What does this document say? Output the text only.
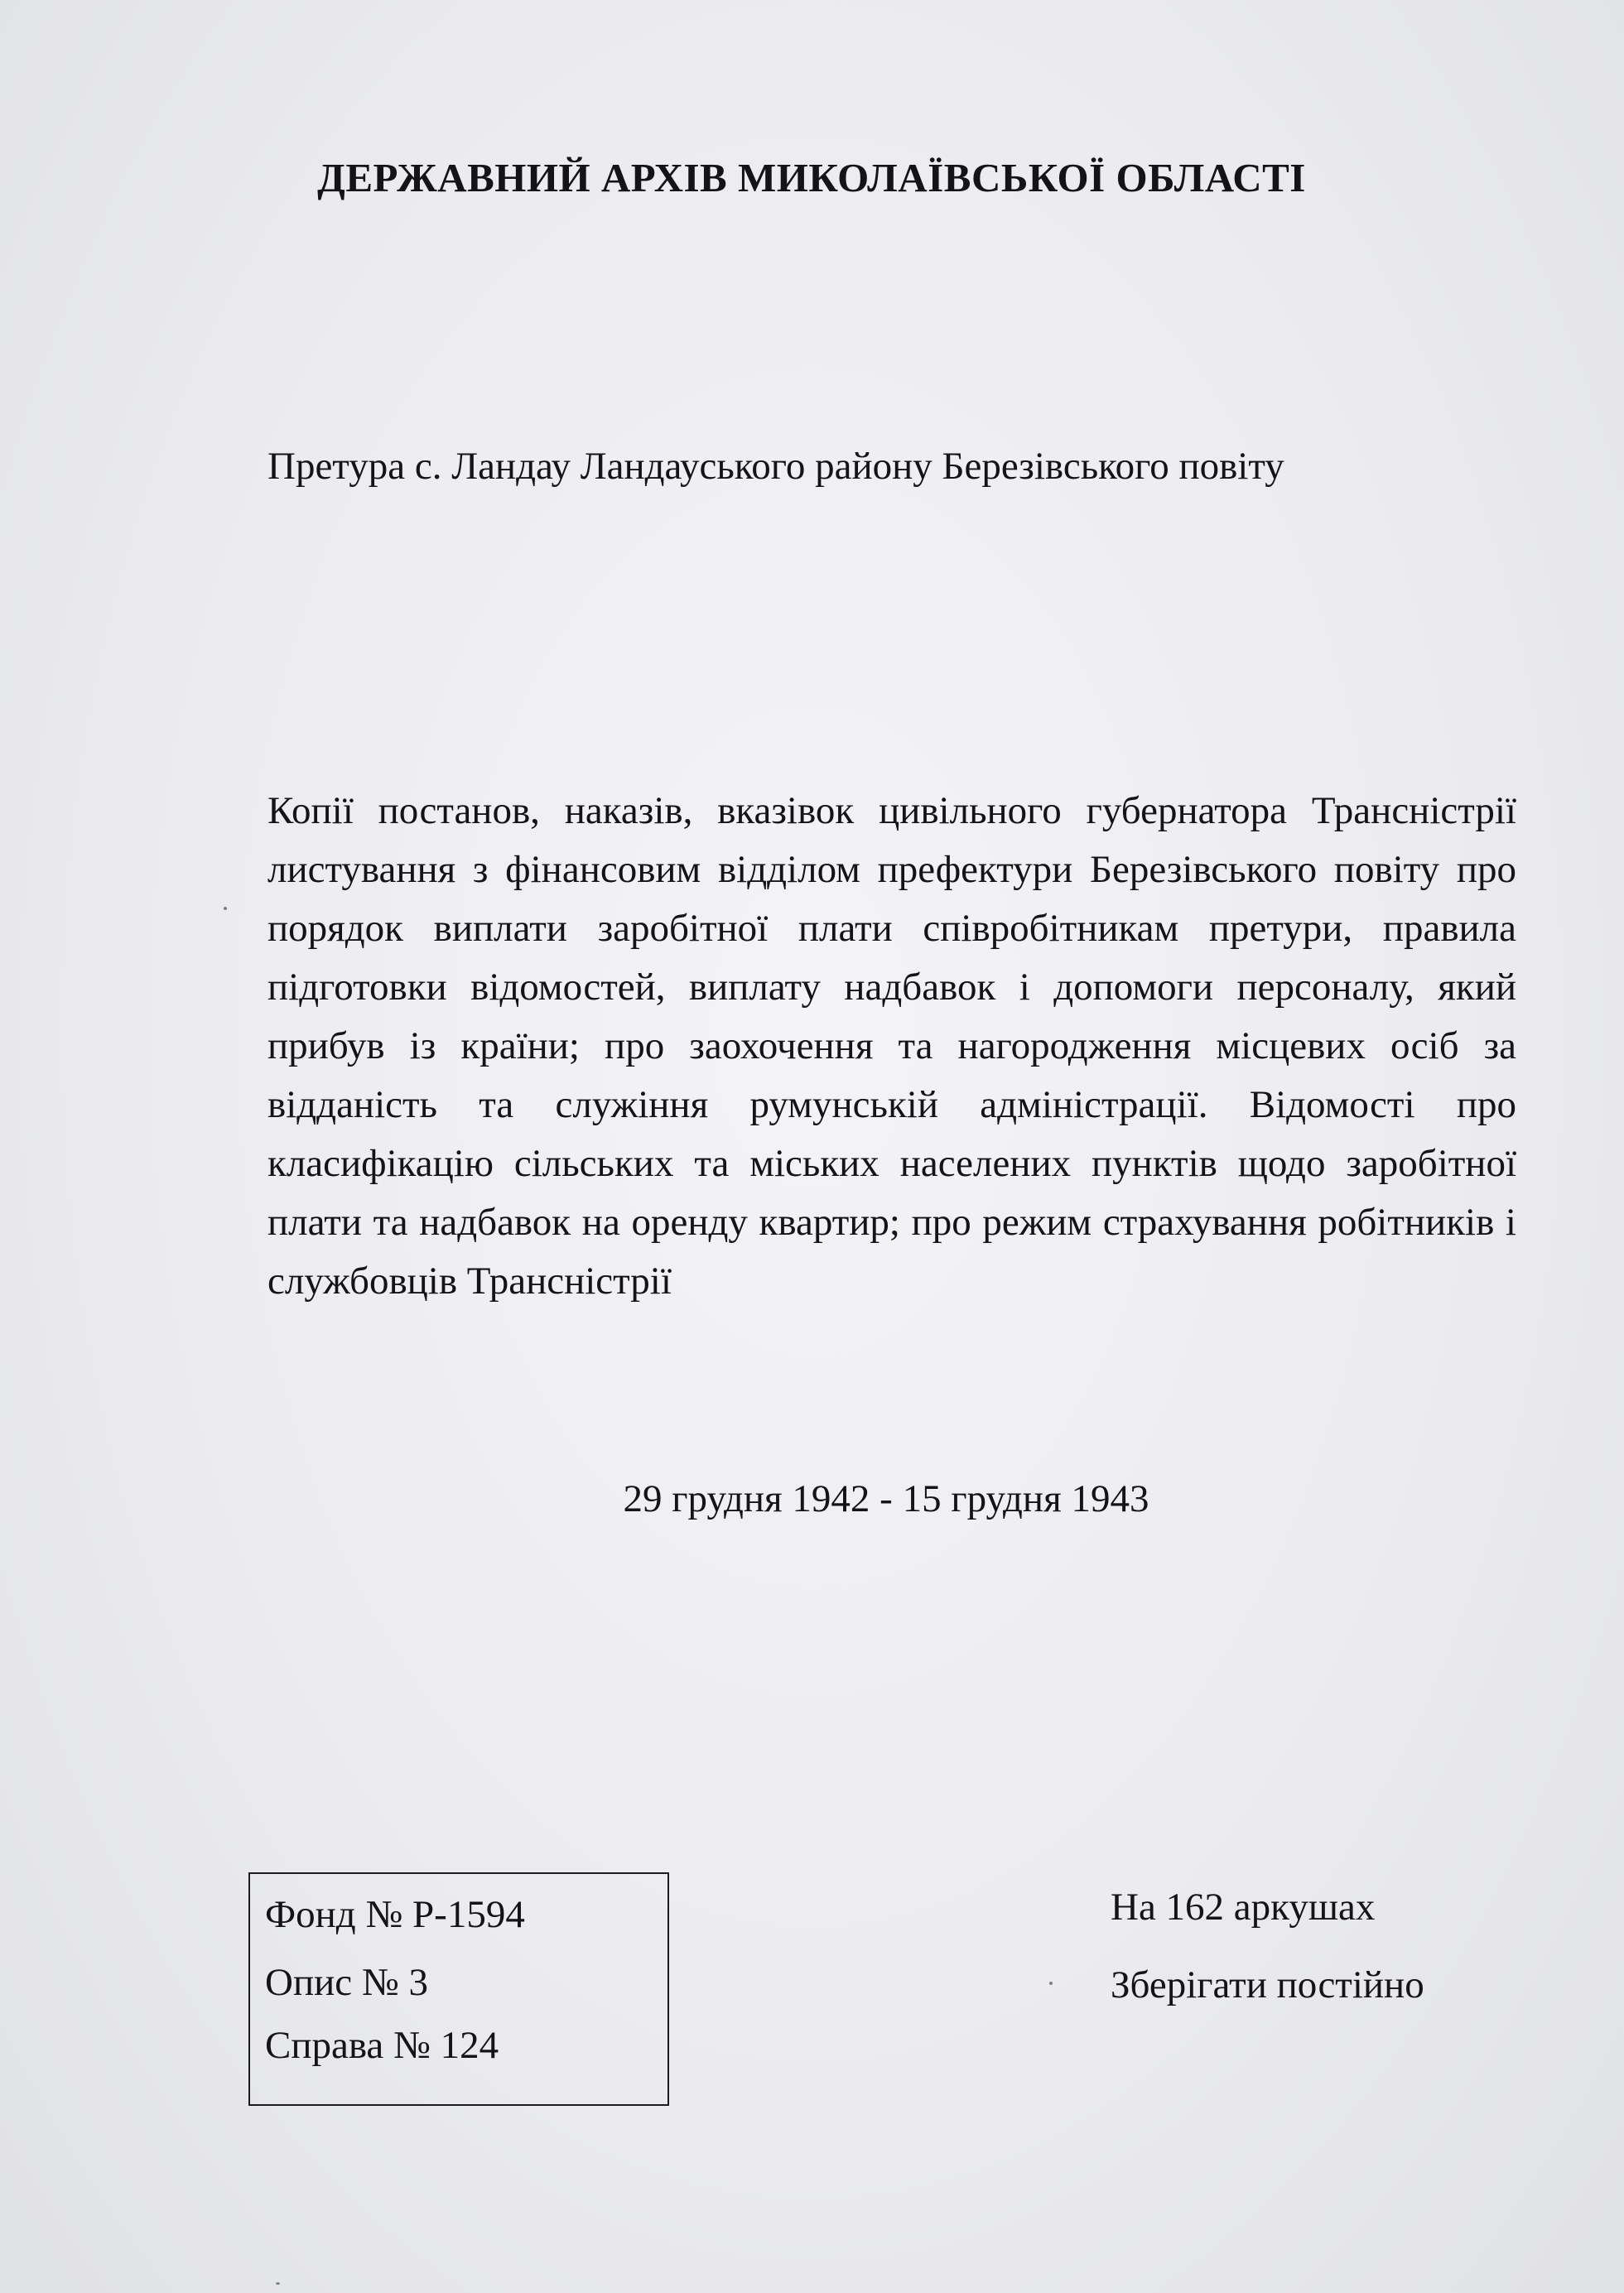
ДЕРЖАВНИЙ АРХІВ МИКОЛАЇВСЬКОЇ ОБЛАСТІ
Претура с. Ландау Ландауського району Березівського повіту
Копії постанов, наказів, вказівок цивільного губернатора Трансністрії листування з фінансовим відділом префектури Березівського повіту про порядок виплати заробітної плати співробітникам претури, правила підготовки відомостей, виплату надбавок і допомоги персоналу, який прибув із країни; про заохочення та нагородження місцевих осіб за відданість та служіння румунській адміністрації. Відомості про класифікацію сільських та міських населених пунктів щодо заробітної плати та надбавок на оренду квартир; про режим страхування робітників і службовців Трансністрії
29 грудня 1942 - 15 грудня 1943
Фонд № Р-1594
Опис № 3
Справа № 124
На 162 аркушах
Зберігати постійно
